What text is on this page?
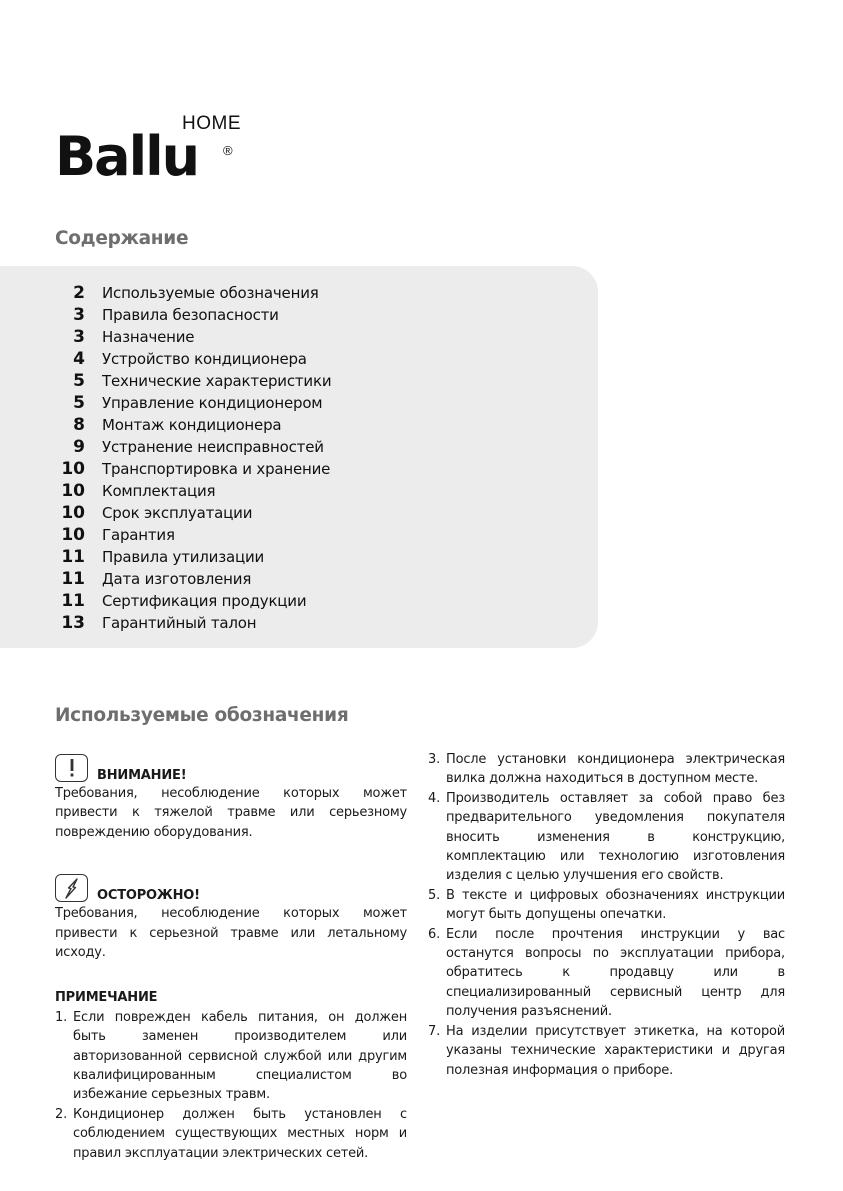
HOME
Ballu ®
Содержание
2 Используемые обозначения
3 Правила безопасности
3 Назначение
4 Устройство кондиционера
5 Технические характеристики
5 Управление кондиционером
8 Монтаж кондиционера
9 Устранение неисправностей
10 Транспортировка и хранение
10 Комплектация
10 Срок эксплуатации
10 Гарантия
11 Правила утилизации
11 Дата изготовления
11 Сертификация продукции
13 Гарантийный талон
Используемые обозначения
ВНИМАНИЕ!
Требования, несоблюдение которых может привести к тяжелой травме или серьезному повреждению оборудования.
ОСТОРОЖНО!
Требования, несоблюдение которых может привести к серьезной травме или летальному исходу.
ПРИМЕЧАНИЕ
1. Если поврежден кабель питания, он должен быть заменен производителем или авторизованной сервисной службой или другим квалифицированным специалистом во избежание серьезных травм.
2. Кондиционер должен быть установлен с соблюдением существующих местных норм и правил эксплуатации электрических сетей.
3. После установки кондиционера электрическая вилка должна находиться в доступном месте.
4. Производитель оставляет за собой право без предварительного уведомления покупателя вносить изменения в конструкцию, комплектацию или технологию изготовления изделия с целью улучшения его свойств.
5. В тексте и цифровых обозначениях инструкции могут быть допущены опечатки.
6. Если после прочтения инструкции у вас останутся вопросы по эксплуатации прибора, обратитесь к продавцу или в специализированный сервисный центр для получения разъяснений.
7. На изделии присутствует этикетка, на которой указаны технические характеристики и другая полезная информация о приборе.
